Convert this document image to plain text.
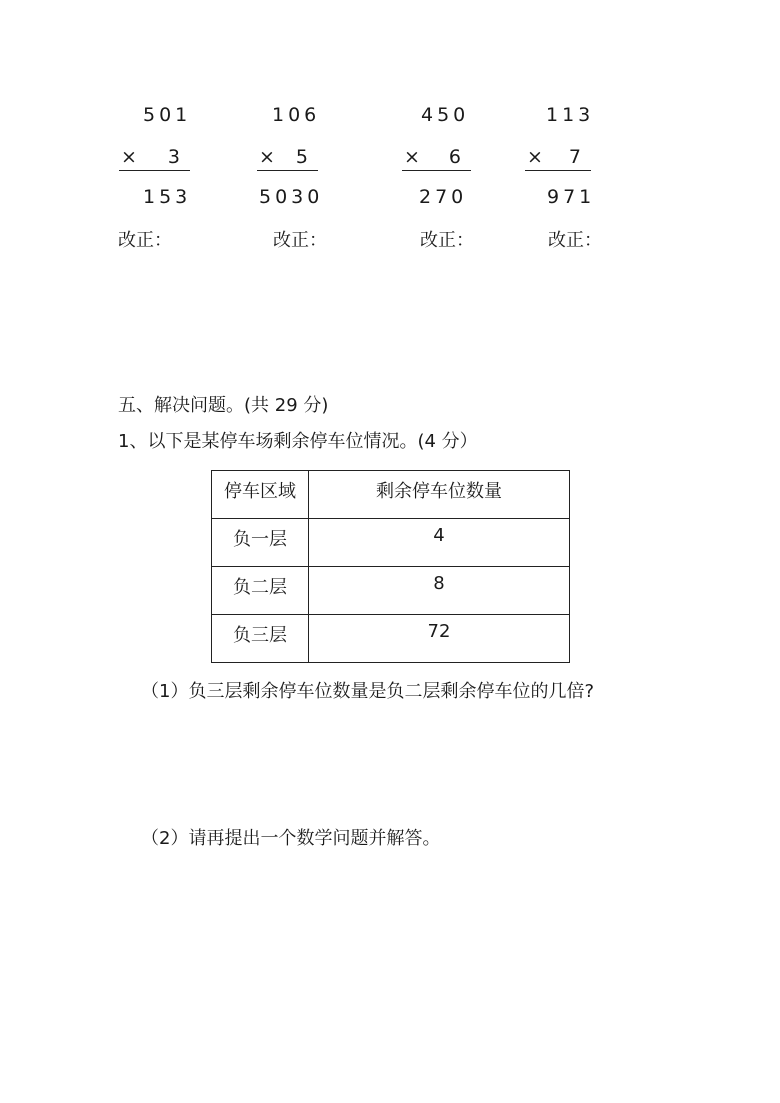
501
× 3
153
改正：
106
× 5
5030
改正：
450
× 6
270
改正：
113
× 7
971
改正：
五、解决问题。(共 29 分)
1、以下是某停车场剩余停车位情况。(4 分）
停车区域	剩余停车位数量
负一层	4
负二层	8
负三层	72
（1）负三层剩余停车位数量是负二层剩余停车位的几倍?
（2）请再提出一个数学问题并解答。
